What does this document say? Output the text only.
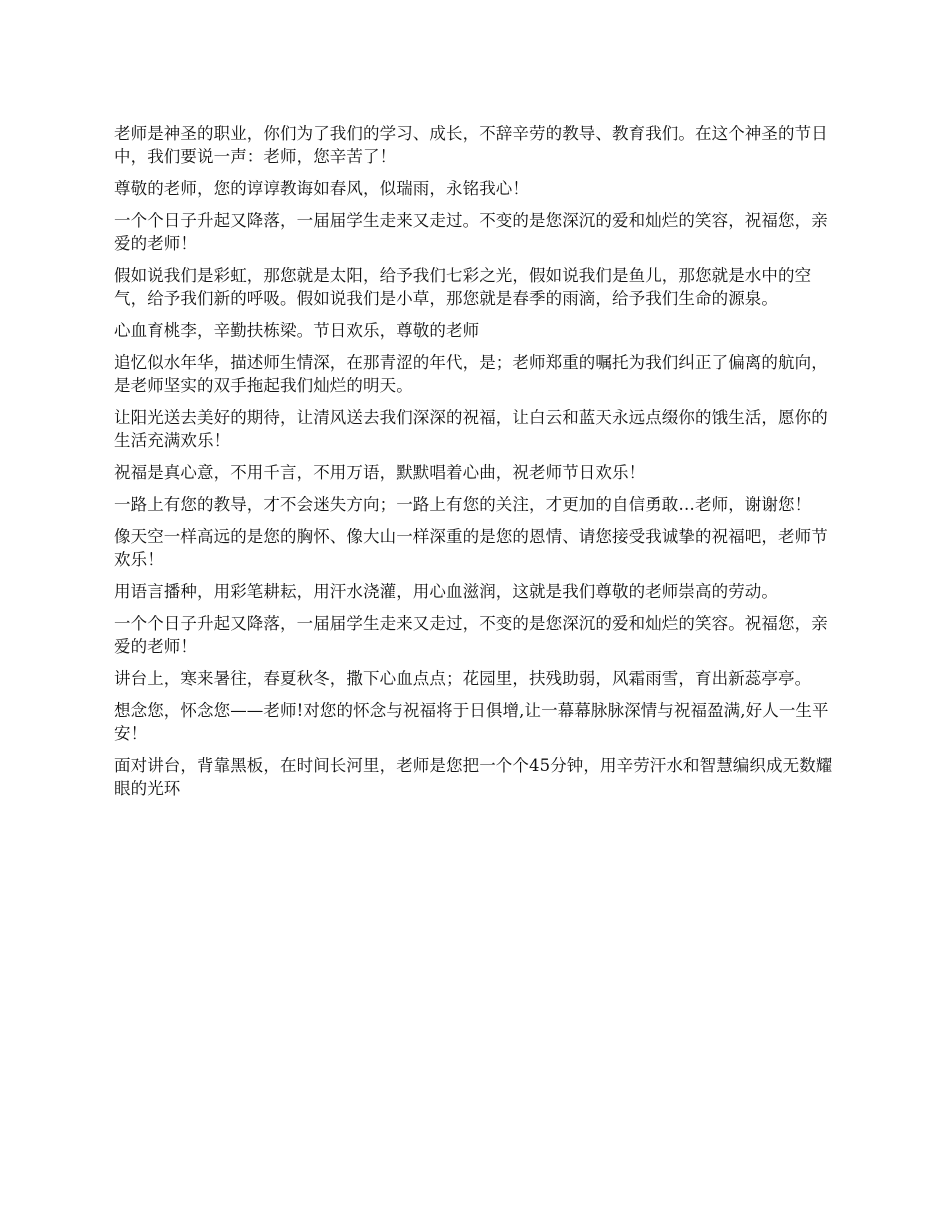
老师是神圣的职业，你们为了我们的学习、成长，不辞辛劳的教导、教育我们。在这个神圣的节日中，我们要说一声：老师，您辛苦了！

尊敬的老师，您的谆谆教诲如春风，似瑞雨，永铭我心！

一个个日子升起又降落，一届届学生走来又走过。不变的是您深沉的爱和灿烂的笑容，祝福您，亲爱的老师！

假如说我们是彩虹，那您就是太阳，给予我们七彩之光，假如说我们是鱼儿，那您就是水中的空气，给予我们新的呼吸。假如说我们是小草，那您就是春季的雨滴，给予我们生命的源泉。

心血育桃李，辛勤扶栋梁。节日欢乐，尊敬的老师

追忆似水年华，描述师生情深，在那青涩的年代，是；老师郑重的嘱托为我们纠正了偏离的航向，是老师坚实的双手拖起我们灿烂的明天。

让阳光送去美好的期待，让清风送去我们深深的祝福，让白云和蓝天永远点缀你的饿生活，愿你的生活充满欢乐！

祝福是真心意，不用千言，不用万语，默默唱着心曲，祝老师节日欢乐！

一路上有您的教导，才不会迷失方向；一路上有您的关注，才更加的自信勇敢…老师，谢谢您！

像天空一样高远的是您的胸怀、像大山一样深重的是您的恩情、请您接受我诚挚的祝福吧，老师节欢乐！

用语言播种，用彩笔耕耘，用汗水浇灌，用心血滋润，这就是我们尊敬的老师崇高的劳动。

一个个日子升起又降落，一届届学生走来又走过，不变的是您深沉的爱和灿烂的笑容。祝福您，亲爱的老师！

讲台上，寒来暑往，春夏秋冬，撒下心血点点；花园里，扶残助弱，风霜雨雪，育出新蕊亭亭。

想念您，怀念您——老师!对您的怀念与祝福将于日俱增,让一幕幕脉脉深情与祝福盈满,好人一生平安！

面对讲台，背靠黑板，在时间长河里，老师是您把一个个45分钟，用辛劳汗水和智慧编织成无数耀眼的光环
